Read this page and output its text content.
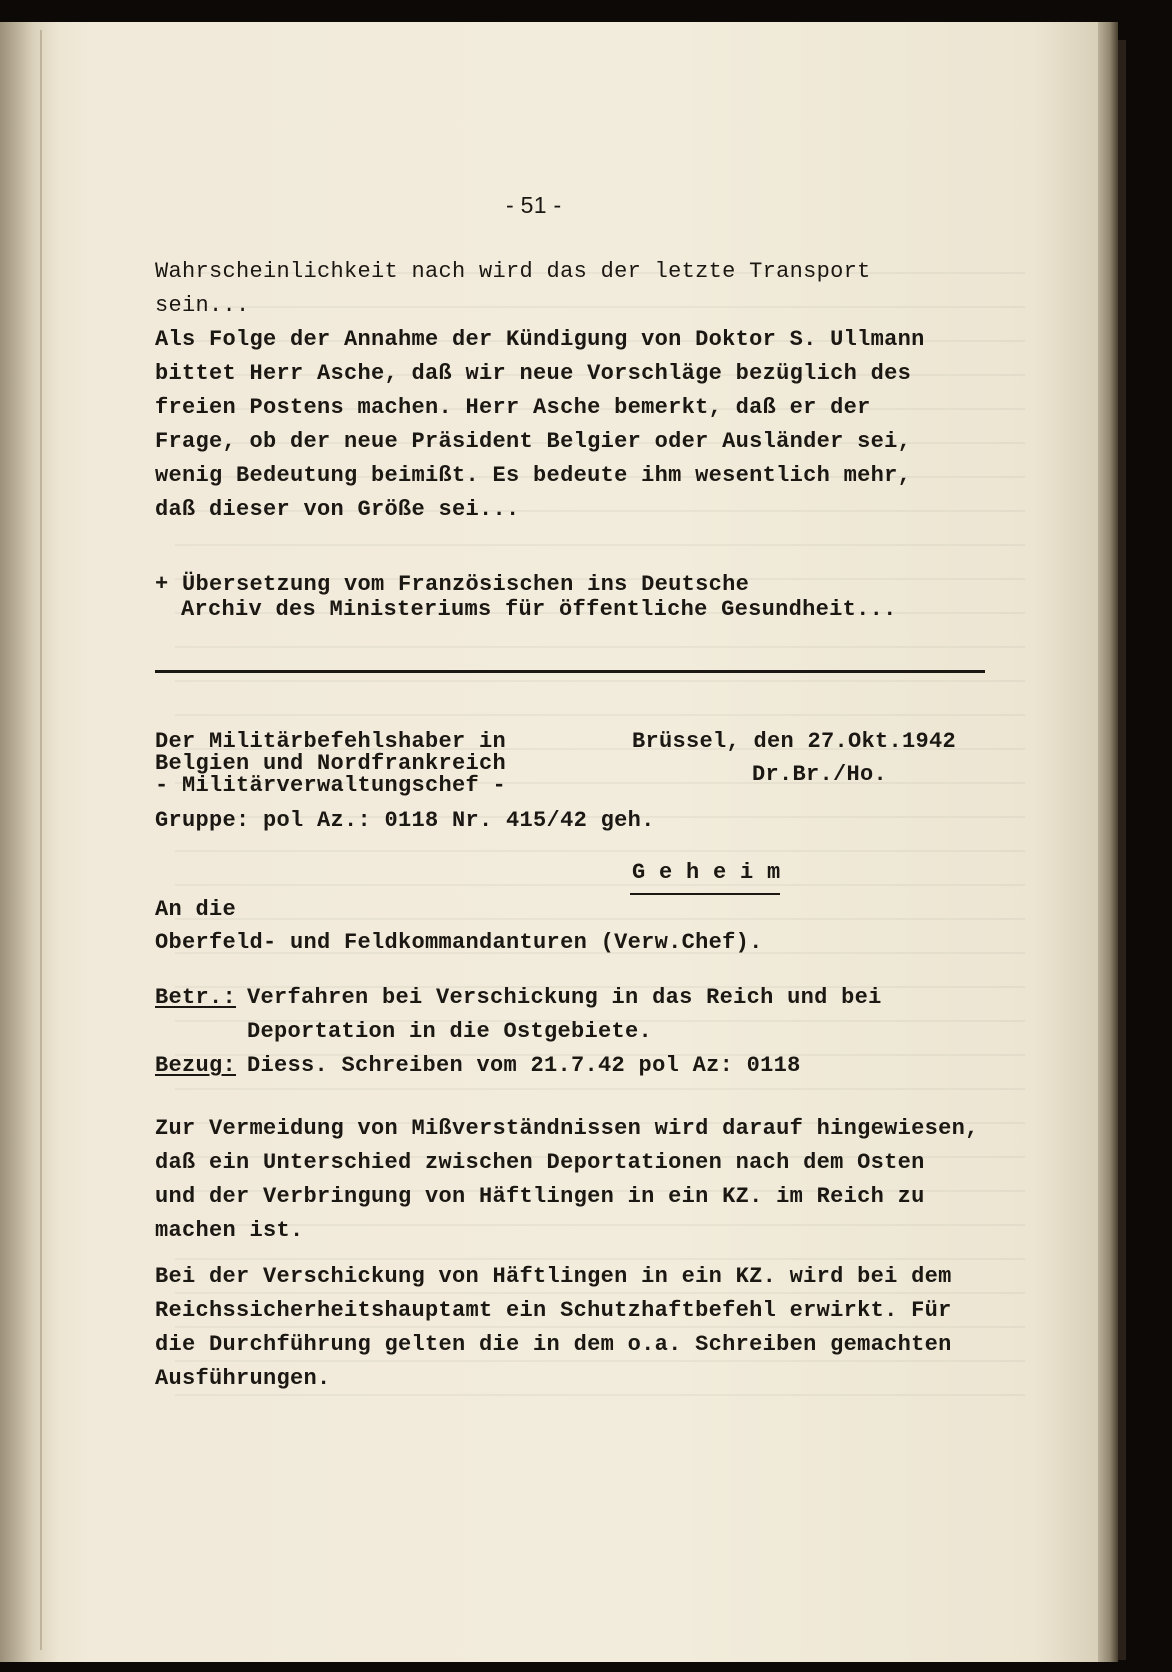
- 51 -
Wahrscheinlichkeit nach wird das der letzte Transport
sein...
Als Folge der Annahme der Kündigung von Doktor S. Ullmann
bittet Herr Asche, daß wir neue Vorschläge bezüglich des
freien Postens machen. Herr Asche bemerkt, daß er der
Frage, ob der neue Präsident Belgier oder Ausländer sei,
wenig Bedeutung beimißt. Es bedeute ihm wesentlich mehr,
daß dieser von Größe sei...
+ Übersetzung vom Französischen ins Deutsche
Archiv des Ministeriums für öffentliche Gesundheit...
Der Militärbefehlshaber in
Belgien und Nordfrankreich
- Militärverwaltungschef -
Brüssel, den 27.Okt.1942
Dr.Br./Ho.
Gruppe: pol Az.: 0118 Nr. 415/42 geh.
G e h e i m
An die
Oberfeld- und Feldkommandanturen (Verw.Chef).
Betr.: Verfahren bei Verschickung in das Reich und bei
Deportation in die Ostgebiete.
Bezug: Diess. Schreiben vom 21.7.42 pol Az: 0118
Zur Vermeidung von Mißverständnissen wird darauf hingewiesen,
daß ein Unterschied zwischen Deportationen nach dem Osten
und der Verbringung von Häftlingen in ein KZ. im Reich zu
machen ist.
Bei der Verschickung von Häftlingen in ein KZ. wird bei dem
Reichssicherheitshauptamt ein Schutzhaftbefehl erwirkt. Für
die Durchführung gelten die in dem o.a. Schreiben gemachten
Ausführungen.
